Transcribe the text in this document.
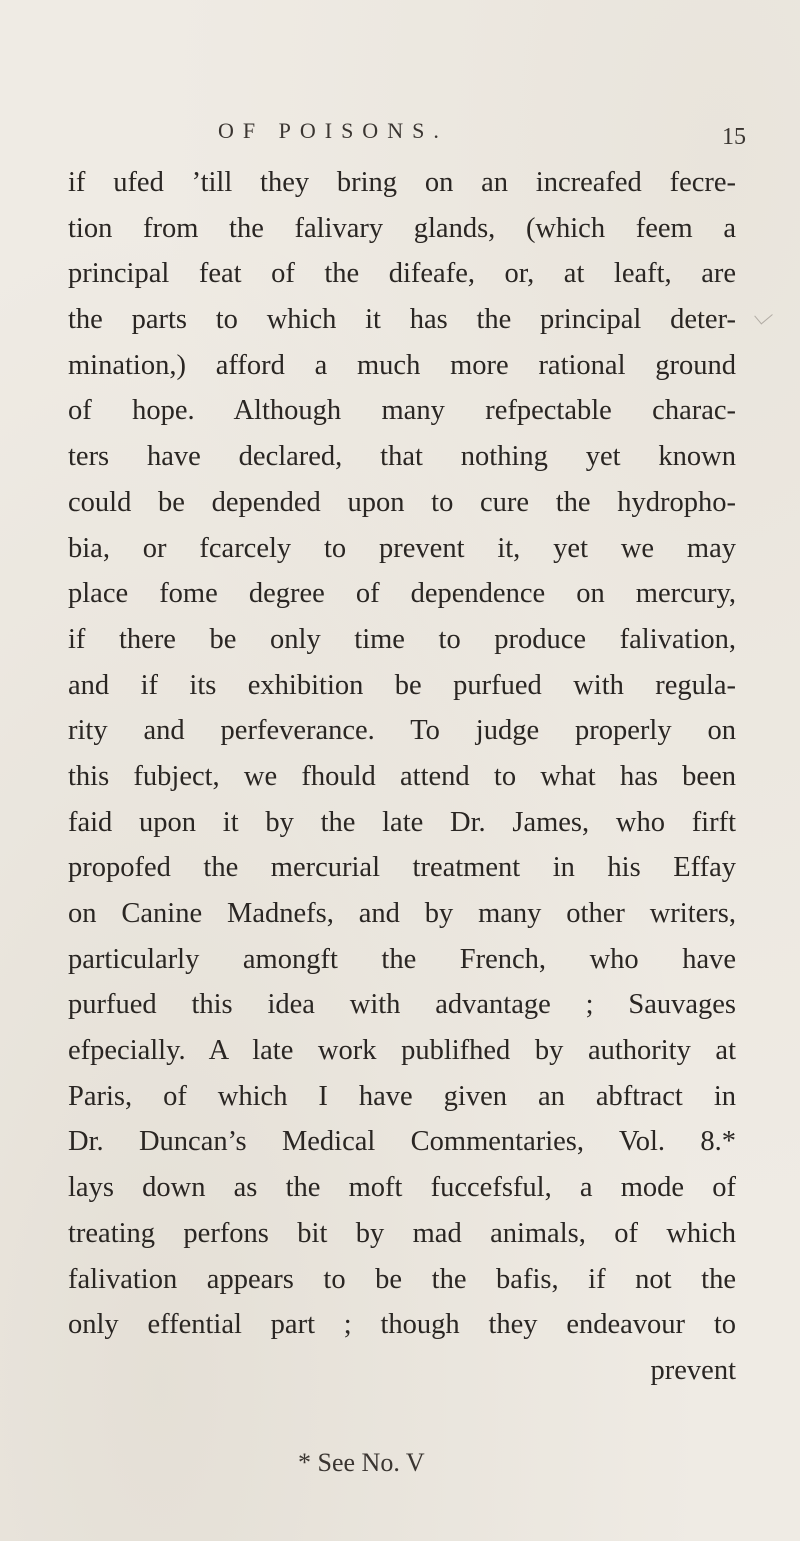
OF POISONS.	15
if ufed ’till they bring on an increafed fecre-
tion from the falivary glands, (which feem a
principal feat of the difeafe, or, at leaft, are
the parts to which it has the principal deter-
mination,) afford a much more rational ground
of hope. Although many refpectable charac-
ters have declared, that nothing yet known
could be depended upon to cure the hydropho-
bia, or fcarcely to prevent it, yet we may
place fome degree of dependence on mercury,
if there be only time to produce falivation,
and if its exhibition be purfued with regula-
rity and perfeverance. To judge properly on
this fubject, we fhould attend to what has been
faid upon it by the late Dr. James, who firft
propofed the mercurial treatment in his Effay
on Canine Madnefs, and by many other writers,
particularly amongft the French, who have
purfued this idea with advantage ; Sauvages
efpecially. A late work publifhed by authority at
Paris, of which I have given an abftract in
Dr. Duncan’s Medical Commentaries, Vol. 8.*
lays down as the moft fuccefsful, a mode of
treating perfons bit by mad animals, of which
falivation appears to be the bafis, if not the
only effential part ; though they endeavour to
prevent
* See No. V
